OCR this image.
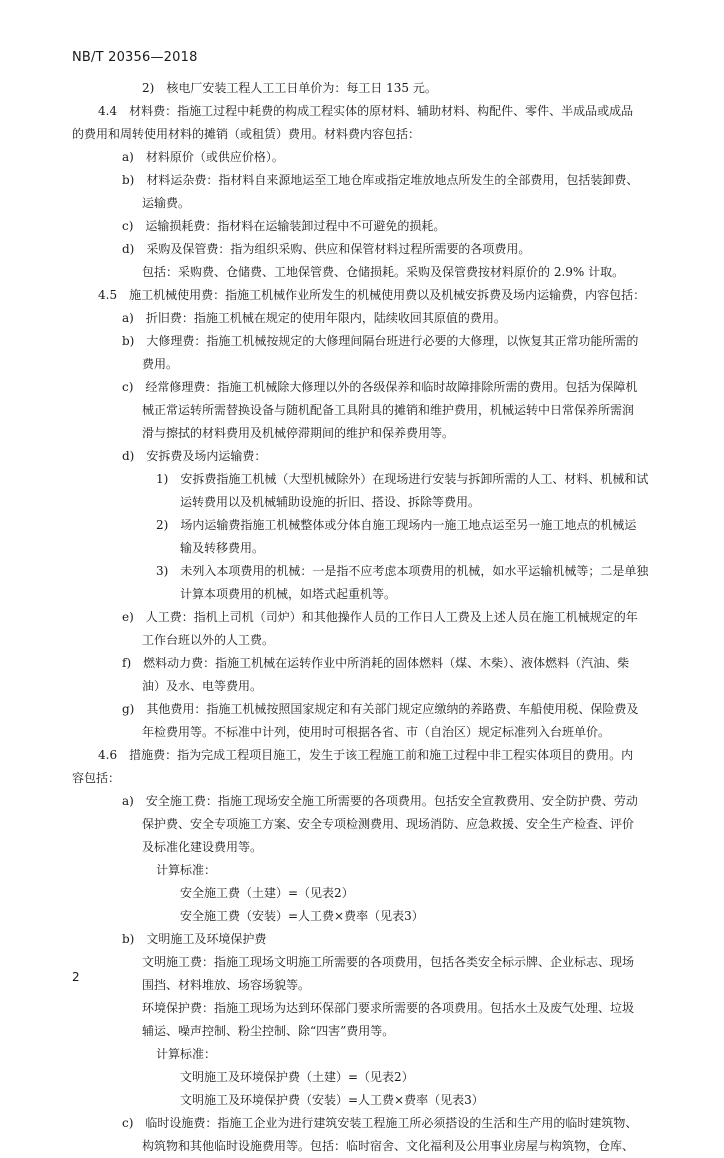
NB/T 20356—2018
2)　核电厂安装工程人工工日单价为：每工日 135 元。
4.4　材料费：指施工过程中耗费的构成工程实体的原材料、辅助材料、构配件、零件、半成品或成品
的费用和周转使用材料的摊销（或租赁）费用。材料费内容包括：
a)　材料原价（或供应价格）。
b)　材料运杂费：指材料自来源地运至工地仓库或指定堆放地点所发生的全部费用，包括装卸费、
运输费。
c)　运输损耗费：指材料在运输装卸过程中不可避免的损耗。
d)　采购及保管费：指为组织采购、供应和保管材料过程所需要的各项费用。
包括：采购费、仓储费、工地保管费、仓储损耗。采购及保管费按材料原价的 2.9% 计取。
4.5　施工机械使用费：指施工机械作业所发生的机械使用费以及机械安拆费及场内运输费，内容包括：
a)　折旧费：指施工机械在规定的使用年限内，陆续收回其原值的费用。
b)　大修理费：指施工机械按规定的大修理间隔台班进行必要的大修理，以恢复其正常功能所需的
费用。
c)　经常修理费：指施工机械除大修理以外的各级保养和临时故障排除所需的费用。包括为保障机
械正常运转所需替换设备与随机配备工具附具的摊销和维护费用，机械运转中日常保养所需润
滑与擦拭的材料费用及机械停滞期间的维护和保养费用等。
d)　安拆费及场内运输费：
1)　安拆费指施工机械（大型机械除外）在现场进行安装与拆卸所需的人工、材料、机械和试
运转费用以及机械辅助设施的折旧、搭设、拆除等费用。
2)　场内运输费指施工机械整体或分体自施工现场内一施工地点运至另一施工地点的机械运
输及转移费用。
3)　未列入本项费用的机械：一是指不应考虑本项费用的机械，如水平运输机械等；二是单独
计算本项费用的机械，如塔式起重机等。
e)　人工费：指机上司机（司炉）和其他操作人员的工作日人工费及上述人员在施工机械规定的年
工作台班以外的人工费。
f)　燃料动力费：指施工机械在运转作业中所消耗的固体燃料（煤、木柴）、液体燃料（汽油、柴
油）及水、电等费用。
g)　其他费用：指施工机械按照国家规定和有关部门规定应缴纳的养路费、车船使用税、保险费及
年检费用等。不标准中计列，使用时可根据各省、市（自治区）规定标准列入台班单价。
4.6　措施费：指为完成工程项目施工，发生于该工程施工前和施工过程中非工程实体项目的费用。内
容包括：
a)　安全施工费：指施工现场安全施工所需要的各项费用。包括安全宣教费用、安全防护费、劳动
保护费、安全专项施工方案、安全专项检测费用、现场消防、应急救援、安全生产检查、评价
及标准化建设费用等。
计算标准：
安全施工费（土建）=（见表2）
安全施工费（安装）=人工费×费率（见表3）
b)　文明施工及环境保护费
文明施工费：指施工现场文明施工所需要的各项费用，包括各类安全标示牌、企业标志、现场
围挡、材料堆放、场容场貌等。
环境保护费：指施工现场为达到环保部门要求所需要的各项费用。包括水土及废气处理、垃圾
辅运、噪声控制、粉尘控制、除“四害”费用等。
计算标准：
文明施工及环境保护费（土建）=（见表2）
文明施工及环境保护费（安装）=人工费×费率（见表3）
c)　临时设施费：指施工企业为进行建筑安装工程施工所必须搭设的生活和生产用的临时建筑物、
构筑物和其他临时设施费用等。包括：临时宿舍、文化福利及公用事业房屋与构筑物，仓库、
2
